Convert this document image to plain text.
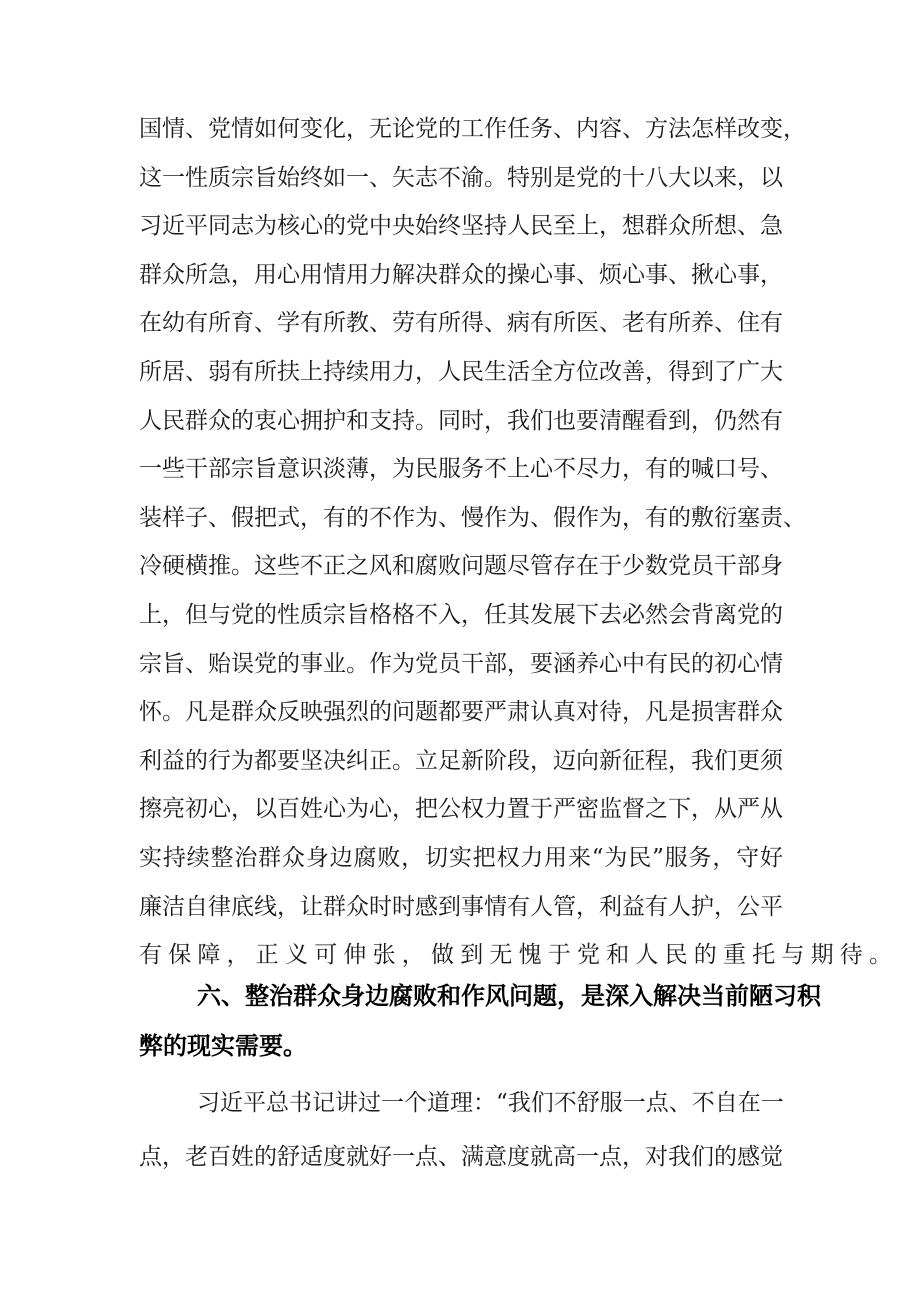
国情、党情如何变化，无论党的工作任务、内容、方法怎样改变，
这一性质宗旨始终如一、矢志不渝。特别是党的十八大以来，以
习近平同志为核心的党中央始终坚持人民至上，想群众所想、急
群众所急，用心用情用力解决群众的操心事、烦心事、揪心事，
在幼有所育、学有所教、劳有所得、病有所医、老有所养、住有
所居、弱有所扶上持续用力，人民生活全方位改善，得到了广大
人民群众的衷心拥护和支持。同时，我们也要清醒看到，仍然有
一些干部宗旨意识淡薄，为民服务不上心不尽力，有的喊口号、
装样子、假把式，有的不作为、慢作为、假作为，有的敷衍塞责、
冷硬横推。这些不正之风和腐败问题尽管存在于少数党员干部身
上，但与党的性质宗旨格格不入，任其发展下去必然会背离党的
宗旨、贻误党的事业。作为党员干部，要涵养心中有民的初心情
怀。凡是群众反映强烈的问题都要严肃认真对待，凡是损害群众
利益的行为都要坚决纠正。立足新阶段，迈向新征程，我们更须
擦亮初心，以百姓心为心，把公权力置于严密监督之下，从严从
实持续整治群众身边腐败，切实把权力用来“为民”服务，守好
廉洁自律底线，让群众时时感到事情有人管，利益有人护，公平
有保障，正义可伸张，做到无愧于党和人民的重托与期待。
六、整治群众身边腐败和作风问题，是深入解决当前陋习积
弊的现实需要。
习近平总书记讲过一个道理：“我们不舒服一点、不自在一
点，老百姓的舒适度就好一点、满意度就高一点，对我们的感觉
